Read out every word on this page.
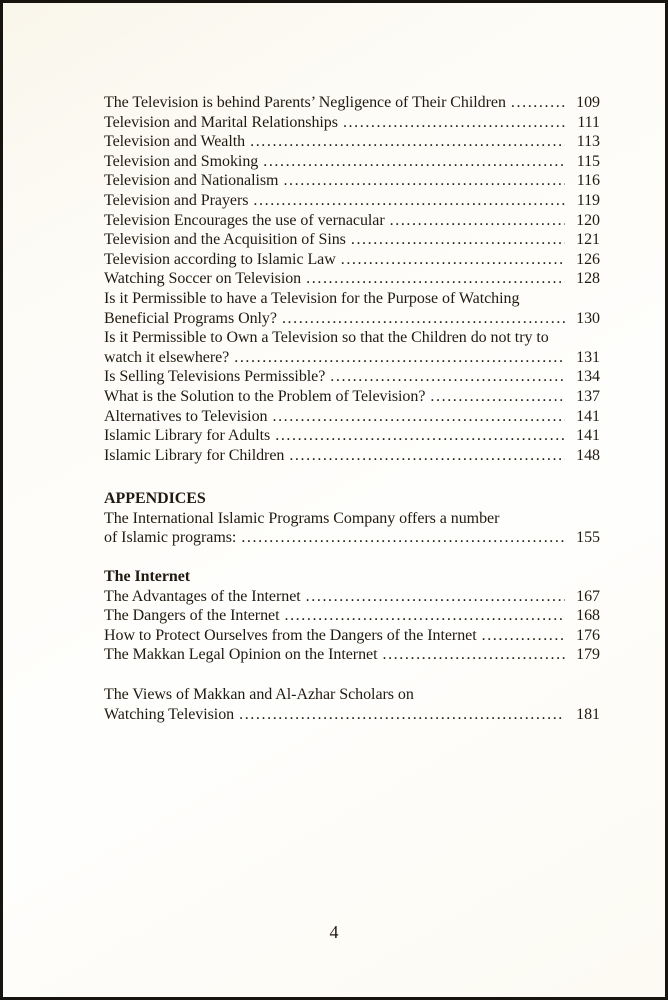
The Television is behind Parents’ Negligence of Their Children .....	109
Television and Marital Relationships .....	111
Television and Wealth .....	113
Television and Smoking .....	115
Television and Nationalism .....	116
Television and Prayers .....	119
Television Encourages the use of vernacular .....	120
Television and the Acquisition of Sins .....	121
Television according to Islamic Law .....	126
Watching Soccer on Television .....	128
Is it Permissible to have a Television for the Purpose of Watching
Beneficial Programs Only? .....	130
Is it Permissible to Own a Television so that the Children do not try to
watch it elsewhere? .....	131
Is Selling Televisions Permissible? .....	134
What is the Solution to the Problem of Television? .....	137
Alternatives to Television .....	141
Islamic Library for Adults .....	141
Islamic Library for Children .....	148
APPENDICES
The International Islamic Programs Company offers a number
of Islamic programs: .....	155
The Internet
The Advantages of the Internet .....	167
The Dangers of the Internet .....	168
How to Protect Ourselves from the Dangers of the Internet .....	176
The Makkan Legal Opinion on the Internet .....	179
The Views of Makkan and Al-Azhar Scholars on
Watching Television .....	181
4
